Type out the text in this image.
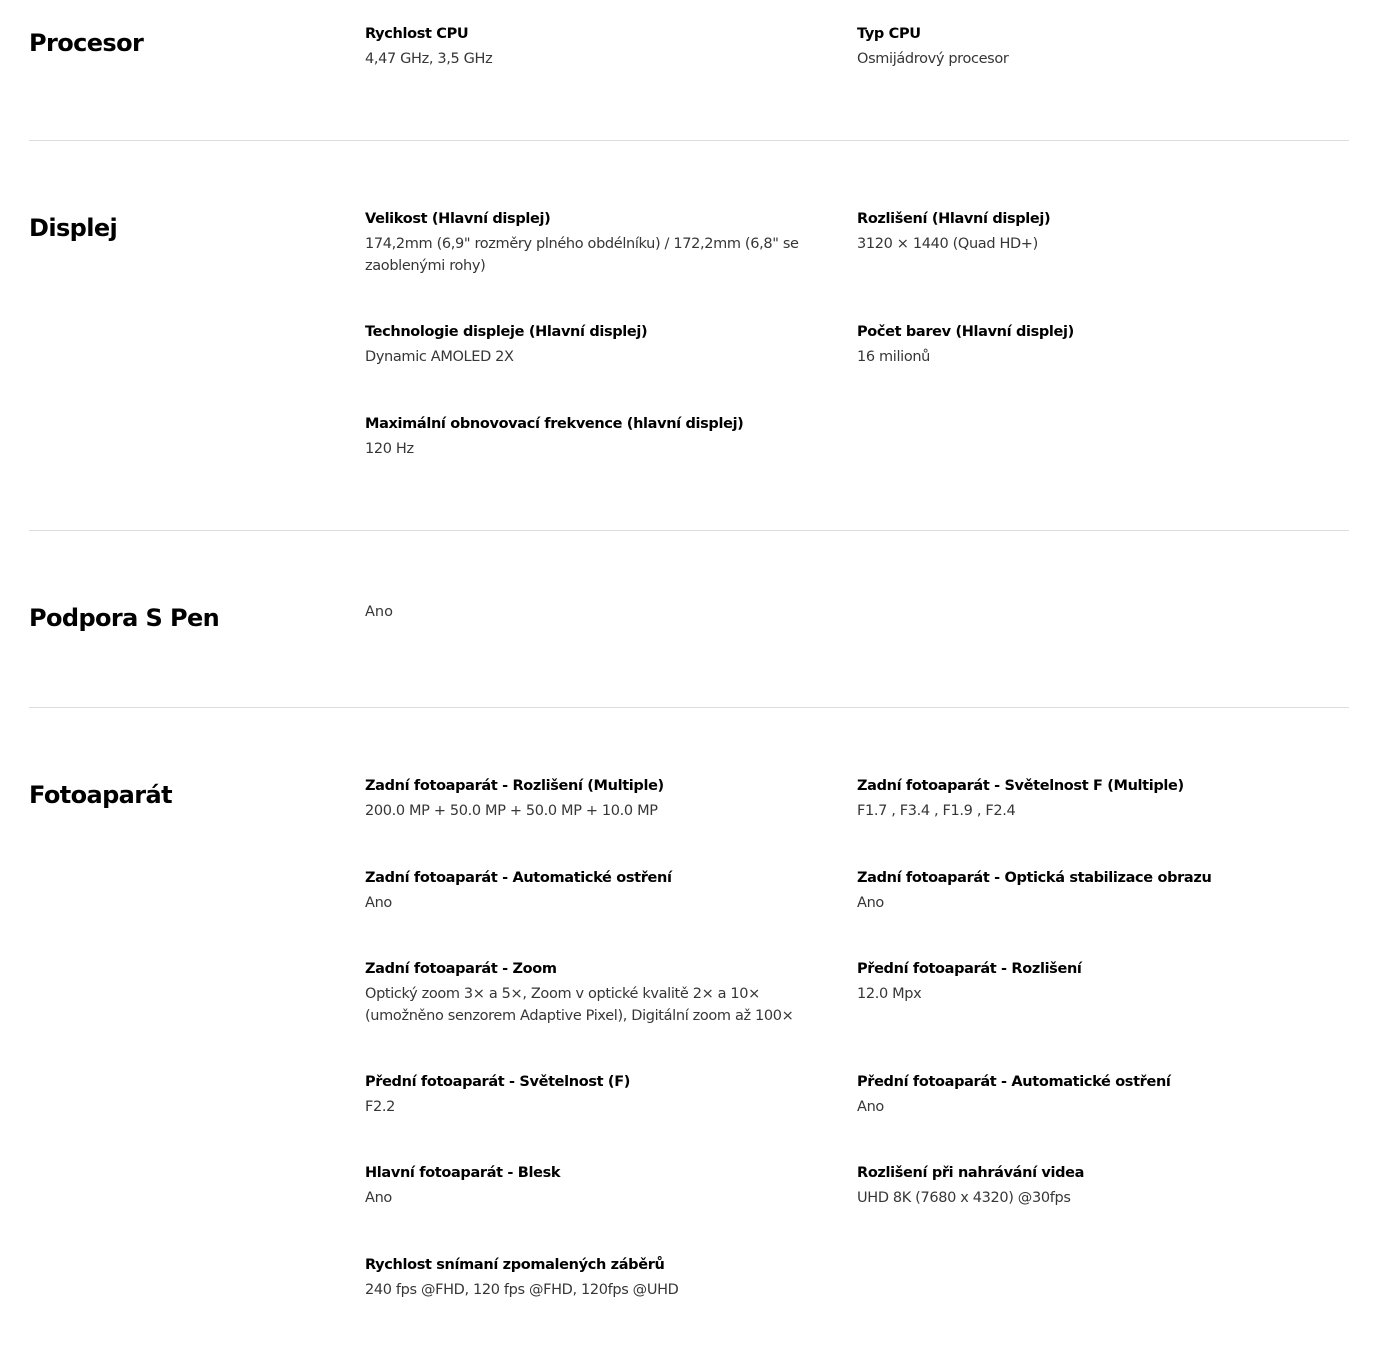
Procesor	Rychlost CPU
4,47 GHz, 3,5 GHz
Typ CPU
Osmijádrový procesor
Displej	Velikost (Hlavní displej)
174,2mm (6,9" rozměry plného obdélníku) / 172,2mm (6,8" se zaoblenými rohy)
Rozlišení (Hlavní displej)
3120 × 1440 (Quad HD+)
Technologie displeje (Hlavní displej)
Dynamic AMOLED 2X
Počet barev (Hlavní displej)
16 milionů
Maximální obnovovací frekvence (hlavní displej)
120 Hz
Podpora S Pen	Ano
Fotoaparát	Zadní fotoaparát - Rozlišení (Multiple)
200.0 MP + 50.0 MP + 50.0 MP + 10.0 MP
Zadní fotoaparát - Světelnost F (Multiple)
F1.7 , F3.4 , F1.9 , F2.4
Zadní fotoaparát - Automatické ostření
Ano
Zadní fotoaparát - Optická stabilizace obrazu
Ano
Zadní fotoaparát - Zoom
Optický zoom 3× a 5×, Zoom v optické kvalitě 2× a 10× (umožněno senzorem Adaptive Pixel), Digitální zoom až 100×
Přední fotoaparát - Rozlišení
12.0 Mpx
Přední fotoaparát - Světelnost (F)
F2.2
Přední fotoaparát - Automatické ostření
Ano
Hlavní fotoaparát - Blesk
Ano
Rozlišení při nahrávání videa
UHD 8K (7680 x 4320) @30fps
Rychlost snímaní zpomalených záběrů
240 fps @FHD, 120 fps @FHD, 120fps @UHD
